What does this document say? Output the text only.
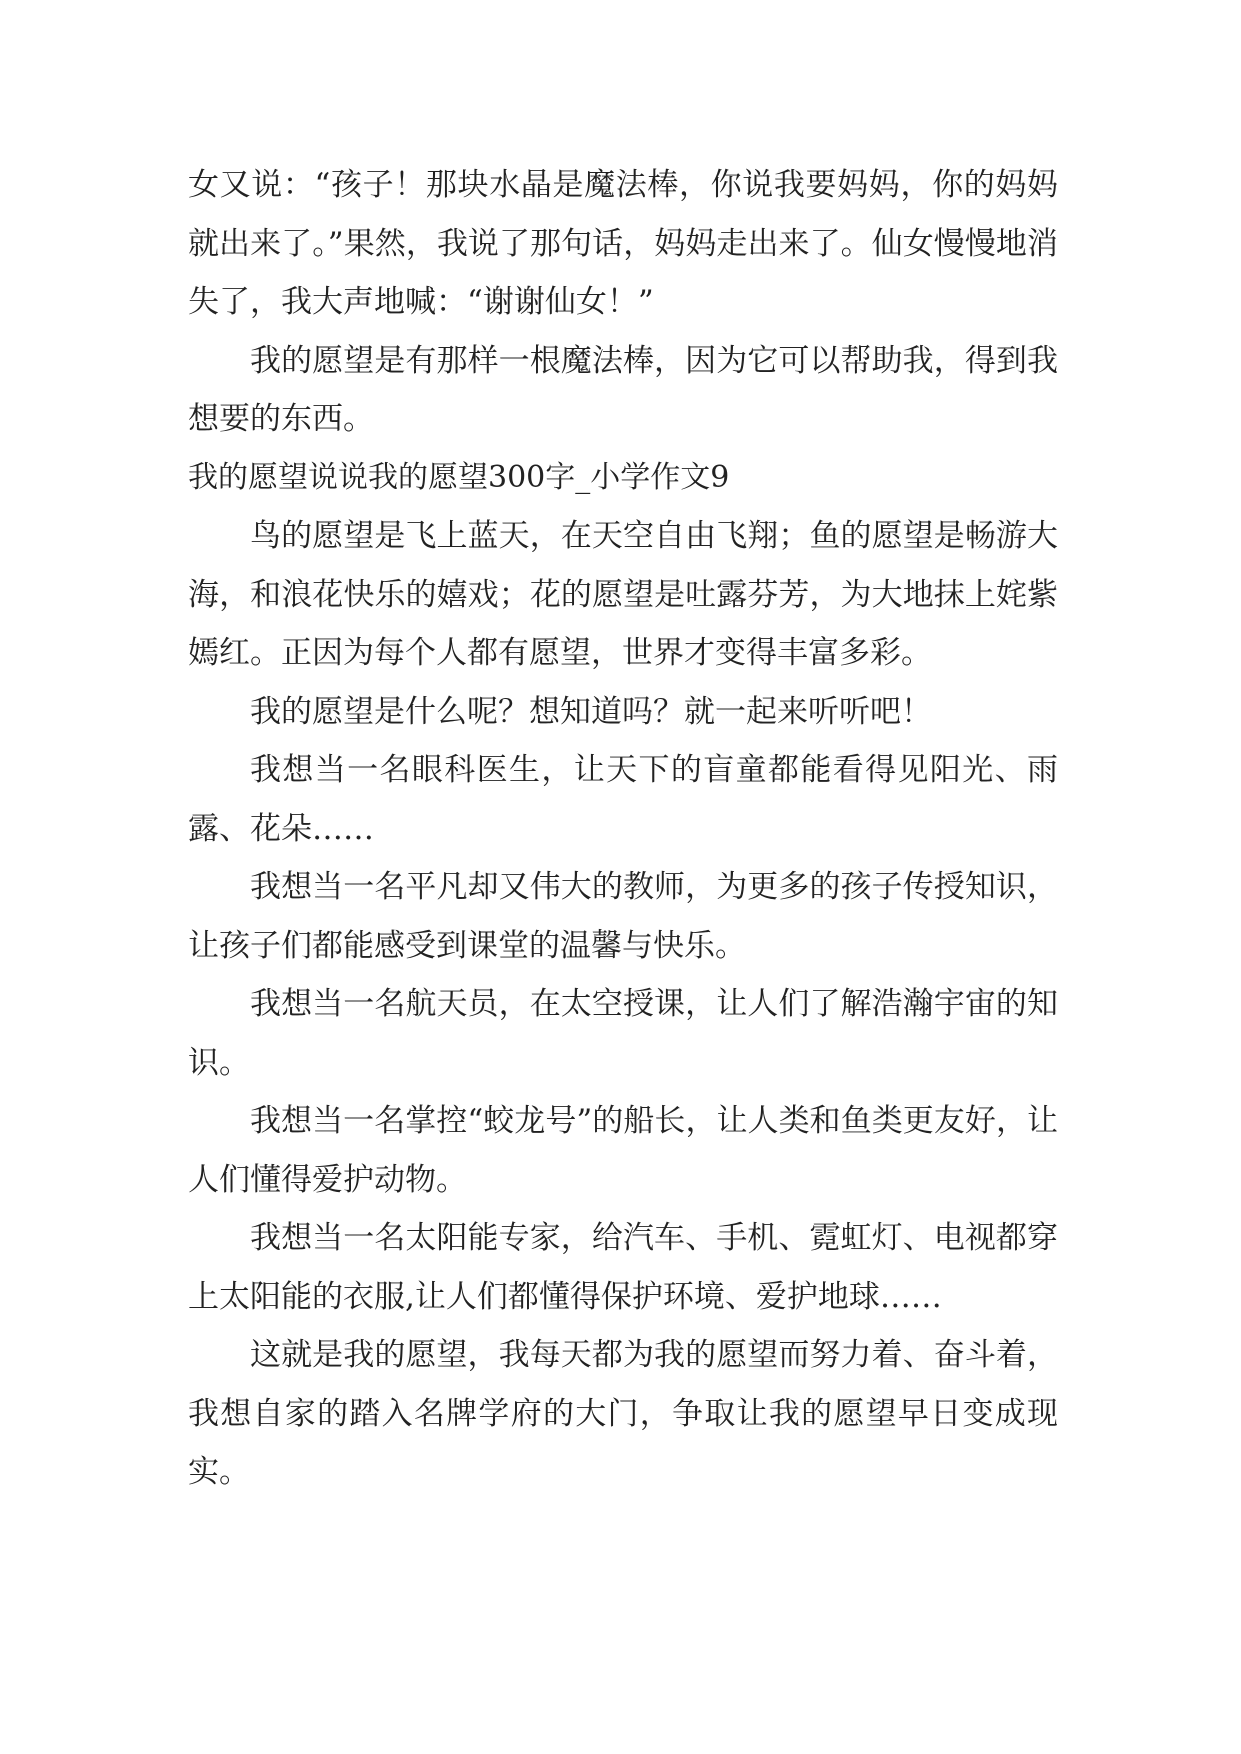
女又说：“孩子！那块水晶是魔法棒，你说我要妈妈，你的妈妈就出来了。”果然，我说了那句话，妈妈走出来了。仙女慢慢地消失了，我大声地喊：“谢谢仙女！”

我的愿望是有那样一根魔法棒，因为它可以帮助我，得到我想要的东西。

我的愿望说说我的愿望300字_小学作文9

鸟的愿望是飞上蓝天，在天空自由飞翔；鱼的愿望是畅游大海，和浪花快乐的嬉戏；花的愿望是吐露芬芳，为大地抹上姹紫嫣红。正因为每个人都有愿望，世界才变得丰富多彩。

我的愿望是什么呢？想知道吗？就一起来听听吧！

我想当一名眼科医生，让天下的盲童都能看得见阳光、雨露、花朵……

我想当一名平凡却又伟大的教师，为更多的孩子传授知识，让孩子们都能感受到课堂的温馨与快乐。

我想当一名航天员，在太空授课，让人们了解浩瀚宇宙的知识。

我想当一名掌控“蛟龙号”的船长，让人类和鱼类更友好，让人们懂得爱护动物。

我想当一名太阳能专家，给汽车、手机、霓虹灯、电视都穿上太阳能的衣服,让人们都懂得保护环境、爱护地球……

这就是我的愿望，我每天都为我的愿望而努力着、奋斗着，我想自家的踏入名牌学府的大门，争取让我的愿望早日变成现实。
